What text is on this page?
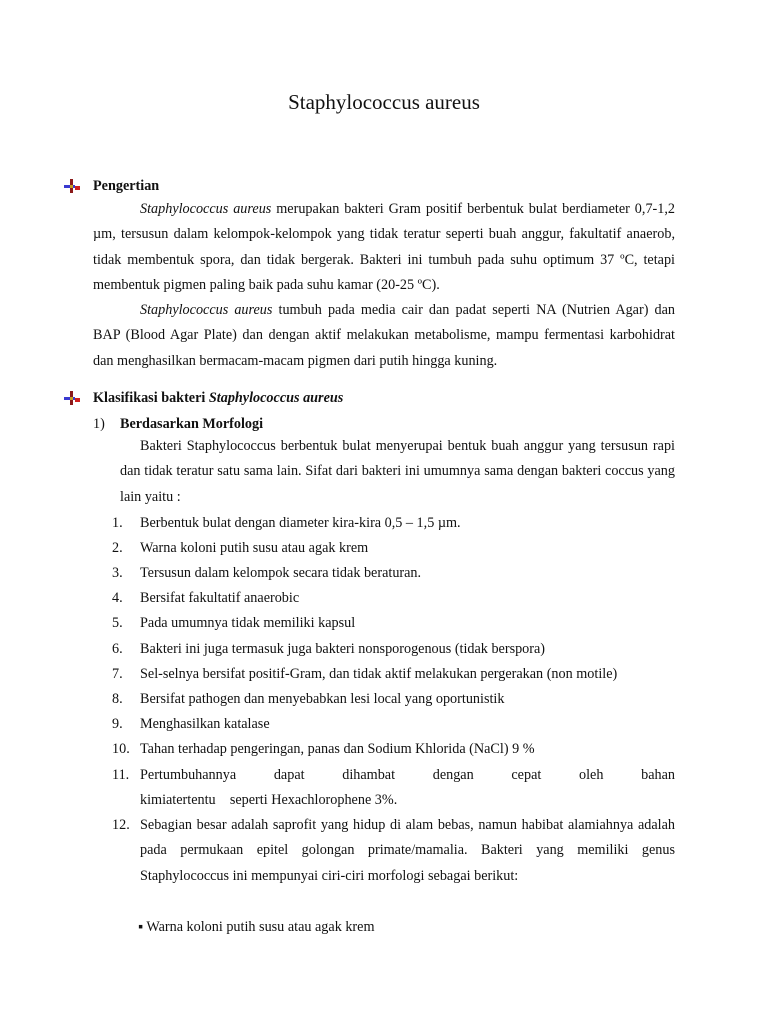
Staphylococcus aureus
Pengertian

Staphylococcus aureus merupakan bakteri Gram positif berbentuk bulat berdiameter 0,7-1,2 µm, tersusun dalam kelompok-kelompok yang tidak teratur seperti buah anggur, fakultatif anaerob, tidak membentuk spora, dan tidak bergerak. Bakteri ini tumbuh pada suhu optimum 37 ºC, tetapi membentuk pigmen paling baik pada suhu kamar (20-25 ºC).

Staphylococcus aureus tumbuh pada media cair dan padat seperti NA (Nutrien Agar) dan BAP (Blood Agar Plate) dan dengan aktif melakukan metabolisme, mampu fermentasi karbohidrat dan menghasilkan bermacam-macam pigmen dari putih hingga kuning.

Klasifikasi bakteri Staphylococcus aureus
1) Berdasarkan Morfologi

Bakteri Staphylococcus berbentuk bulat menyerupai bentuk buah anggur yang tersusun rapi dan tidak teratur satu sama lain. Sifat dari bakteri ini umumnya sama dengan bakteri coccus yang lain yaitu :

1.	Berbentuk bulat dengan diameter kira-kira 0,5 – 1,5 µm.
2.	Warna koloni putih susu atau agak krem
3.	Tersusun dalam kelompok secara tidak beraturan.
4.	Bersifat fakultatif anaerobic
5.	Pada umumnya tidak memiliki kapsul
6.	Bakteri ini juga termasuk juga bakteri nonsporogenous (tidak berspora)
7.	Sel-selnya bersifat positif-Gram, dan tidak aktif melakukan pergerakan (non motile)
8.	Bersifat pathogen dan menyebabkan lesi local yang oportunistik
9.	Menghasilkan katalase
10. Tahan terhadap pengeringan, panas dan Sodium Khlorida (NaCl) 9 %
11. Pertumbuhannya dapat dihambat dengan cepat oleh bahan
kimiatertentu    seperti Hexachlorophene 3%.
12. Sebagian besar adalah saprofit yang hidup di alam bebas, namun habibat alamiahnya adalah pada permukaan epitel golongan primate/mamalia. Bakteri yang memiliki genus Staphylococcus ini mempunyai ciri-ciri morfologi sebagai berikut:
▪ Warna koloni putih susu atau agak krem
